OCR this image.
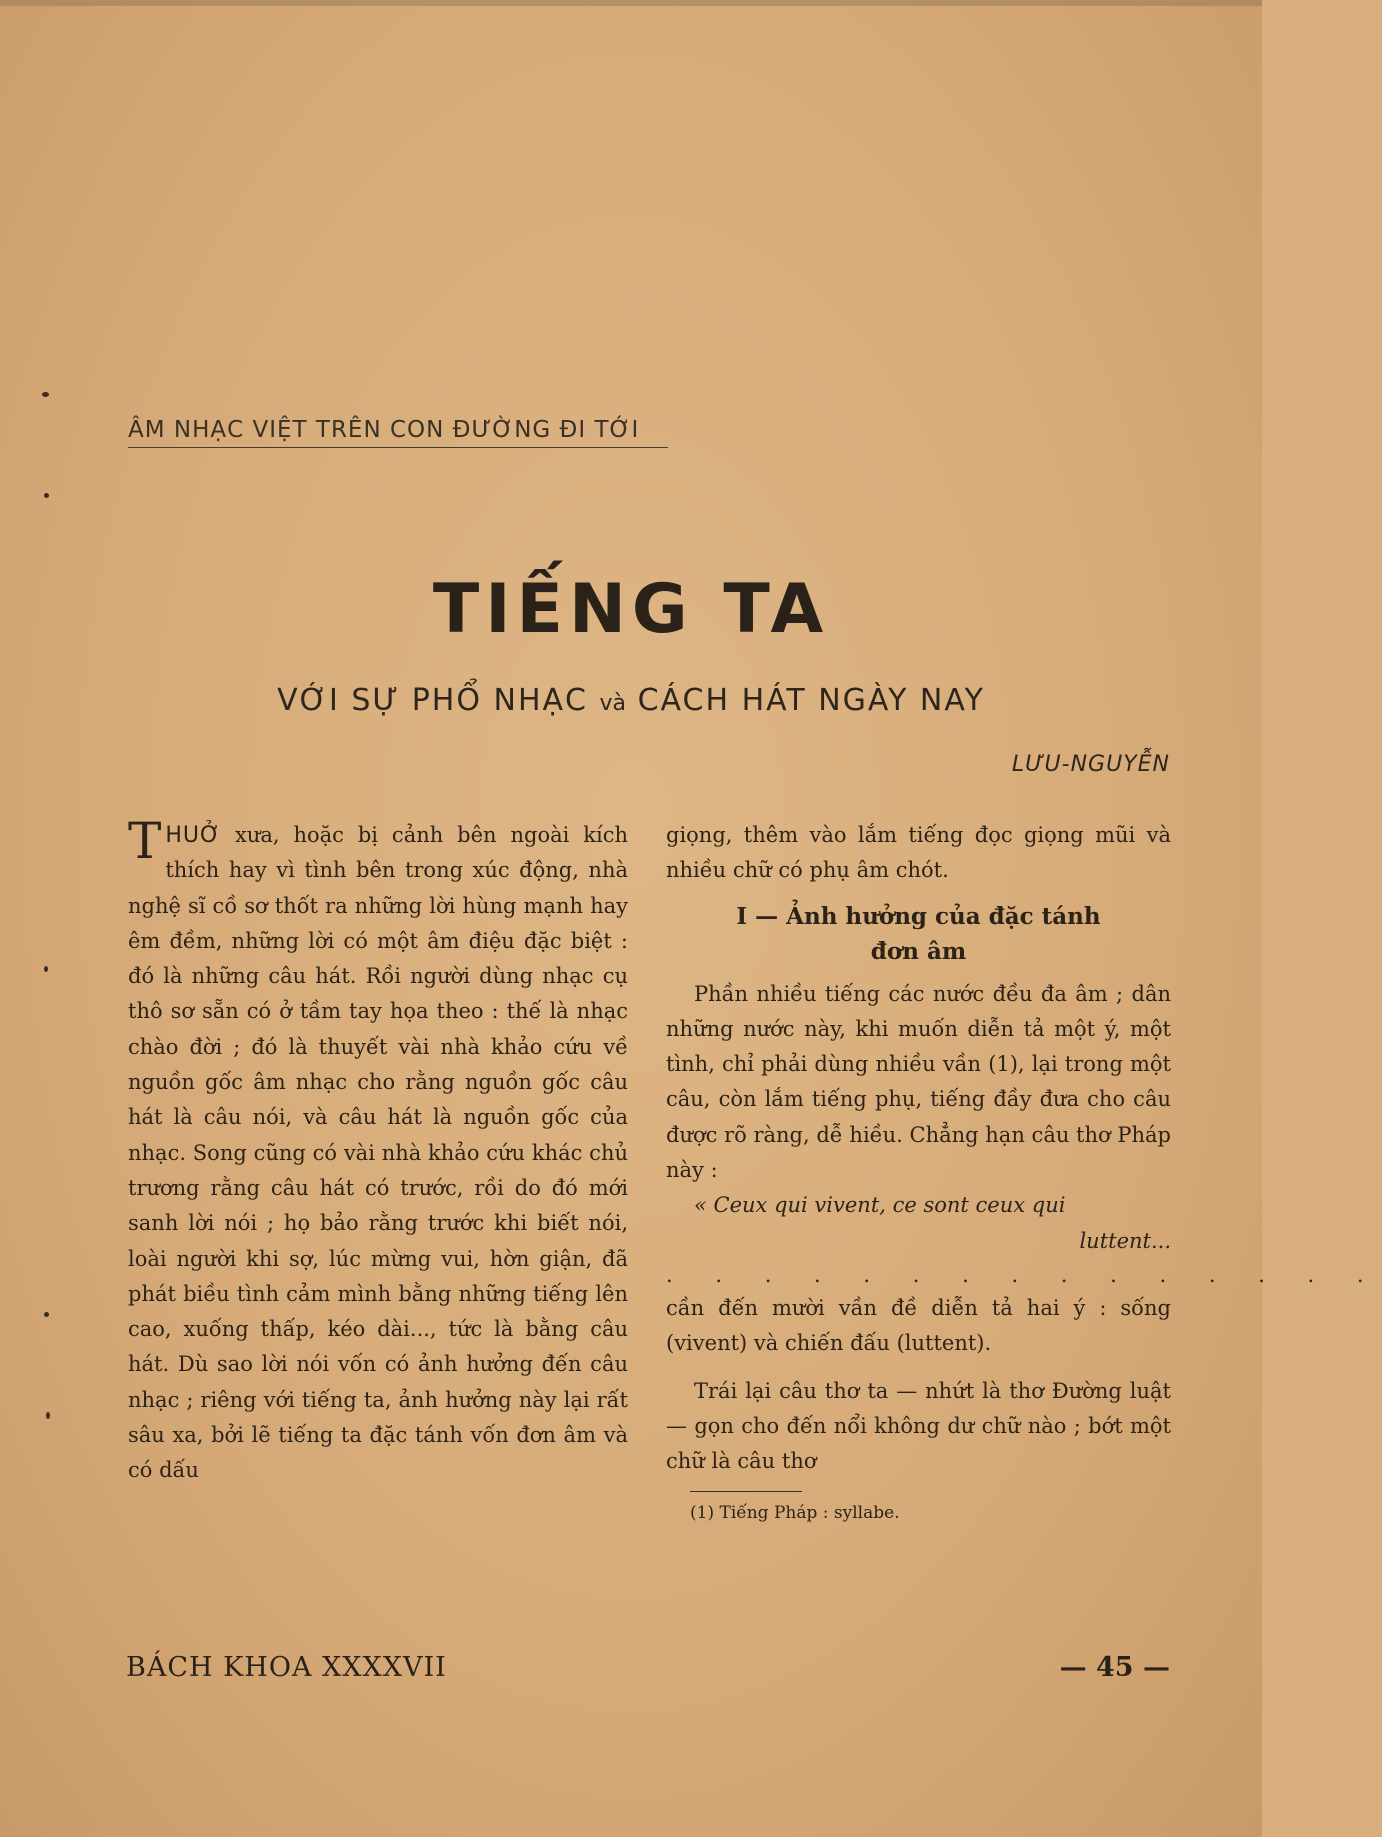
ÂM NHẠC VIỆT TRÊN CON ĐƯỜNG ĐI TỚI
TIẾNG TA
VỚI SỰ PHỔ NHẠC và CÁCH HÁT NGÀY NAY
LƯU-NGUYỄN

THUỞ xưa, hoặc bị cảnh bên ngoài kích thích hay vì tình bên trong xúc động, nhà nghệ sĩ cồ sơ thốt ra những lời hùng mạnh hay êm đềm, những lời có một âm điệu đặc biệt : đó là những câu hát. Rồi người dùng nhạc cụ thô sơ sẵn có ở tầm tay họa theo : thế là nhạc chào đời ; đó là thuyết vài nhà khảo cứu về nguồn gốc âm nhạc cho rằng nguồn gốc câu hát là câu nói, và câu hát là nguồn gốc của nhạc. Song cũng có vài nhà khảo cứu khác chủ trương rằng câu hát có trước, rồi do đó mới sanh lời nói ; họ bảo rằng trước khi biết nói, loài người khi sợ, lúc mừng vui, hờn giận, đã phát biều tình cảm mình bằng những tiếng lên cao, xuống thấp, kéo dài..., tức là bằng câu hát. Dù sao lời nói vốn có ảnh hưởng đến câu nhạc ; riêng với tiếng ta, ảnh hưởng này lại rất sâu xa, bởi lẽ tiếng ta đặc tánh vốn đơn âm và có dấu

giọng, thêm vào lắm tiếng đọc giọng mũi và nhiều chữ có phụ âm chót.

I — Ảnh hưởng của đặc tánh
đơn âm

Phần nhiều tiếng các nước đều đa âm ; dân những nước này, khi muốn diễn tả một ý, một tình, chỉ phải dùng nhiều vần (1), lại trong một câu, còn lắm tiếng phụ, tiếng đầy đưa cho câu được rõ ràng, dễ hiều. Chẳng hạn câu thơ Pháp này :

« Ceux qui vivent, ce sont ceux qui

luttent...

. . . . . . . . . . . . . . .

cần đến mười vần đề diễn tả hai ý : sống (vivent) và chiến đấu (luttent).

Trái lại câu thơ ta — nhứt là thơ Đường luật — gọn cho đến nổi không dư chữ nào ; bớt một chữ là câu thơ

(1) Tiếng Pháp : syllabe.

BÁCH KHOA XXXXVII	— 45 —
